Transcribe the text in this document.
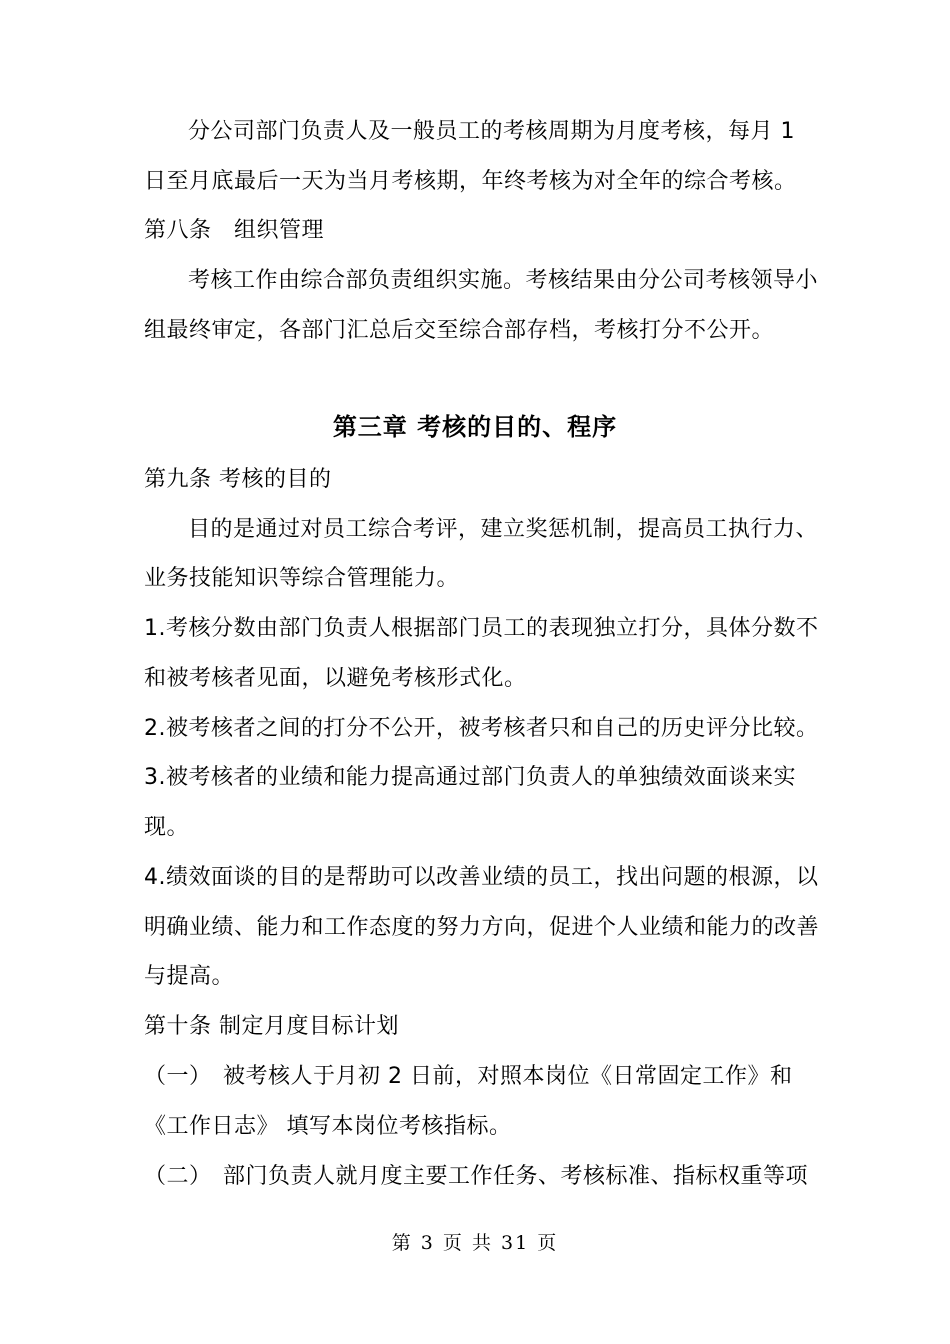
分公司部门负责人及一般员工的考核周期为月度考核，每月 1
日至月底最后一天为当月考核期，年终考核为对全年的综合考核。
第八条　组织管理
考核工作由综合部负责组织实施。考核结果由分公司考核领导小
组最终审定，各部门汇总后交至综合部存档，考核打分不公开。
第三章 考核的目的、程序
第九条 考核的目的
目的是通过对员工综合考评，建立奖惩机制，提高员工执行力、
业务技能知识等综合管理能力。
1.考核分数由部门负责人根据部门员工的表现独立打分，具体分数不
和被考核者见面，以避免考核形式化。
2.被考核者之间的打分不公开，被考核者只和自己的历史评分比较。
3.被考核者的业绩和能力提高通过部门负责人的单独绩效面谈来实
现。
4.绩效面谈的目的是帮助可以改善业绩的员工，找出问题的根源，以
明确业绩、能力和工作态度的努力方向，促进个人业绩和能力的改善
与提高。
第十条 制定月度目标计划
（一）　被考核人于月初 2 日前，对照本岗位《日常固定工作》和
《工作日志》 填写本岗位考核指标。
（二）　部门负责人就月度主要工作任务、考核标准、指标权重等项
第 3 页 共 31 页
